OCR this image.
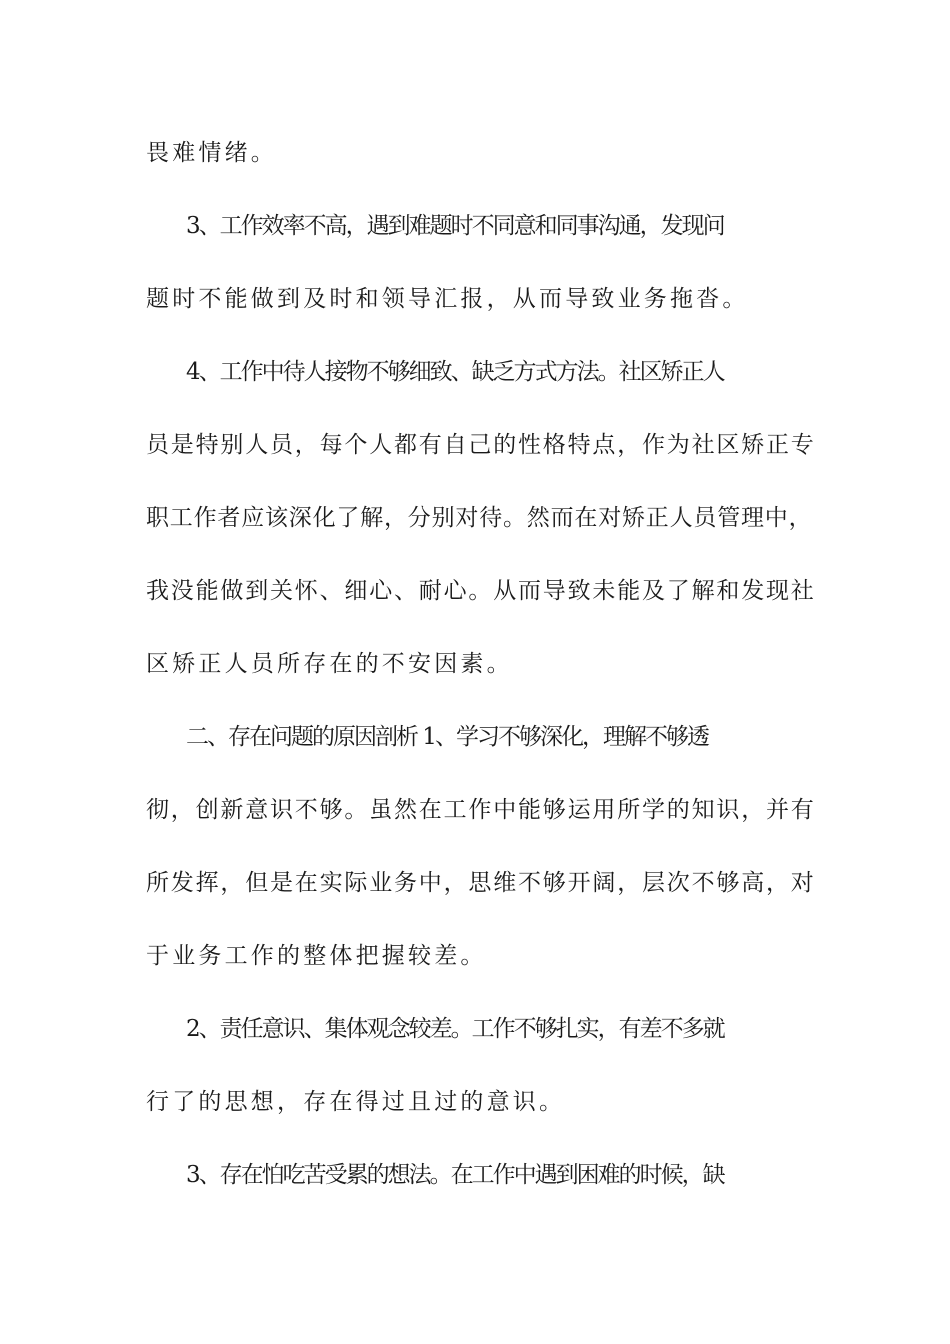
畏难情绪。
3、工作效率不高，遇到难题时不同意和同事沟通，发现问
题时不能做到及时和领导汇报，从而导致业务拖沓。
4、工作中待人接物不够细致、缺乏方式方法。社区矫正人
员是特别人员，每个人都有自己的性格特点，作为社区矫正专
职工作者应该深化了解，分别对待。然而在对矫正人员管理中，
我没能做到关怀、细心、耐心。从而导致未能及了解和发现社
区矫正人员所存在的不安因素。
二、存在问题的原因剖析 1、学习不够深化，理解不够透
彻，创新意识不够。虽然在工作中能够运用所学的知识，并有
所发挥，但是在实际业务中，思维不够开阔，层次不够高，对
于业务工作的整体把握较差。
2、责任意识、集体观念较差。工作不够扎实，有差不多就
行了的思想，存在得过且过的意识。
3、存在怕吃苦受累的想法。在工作中遇到困难的时候，缺
